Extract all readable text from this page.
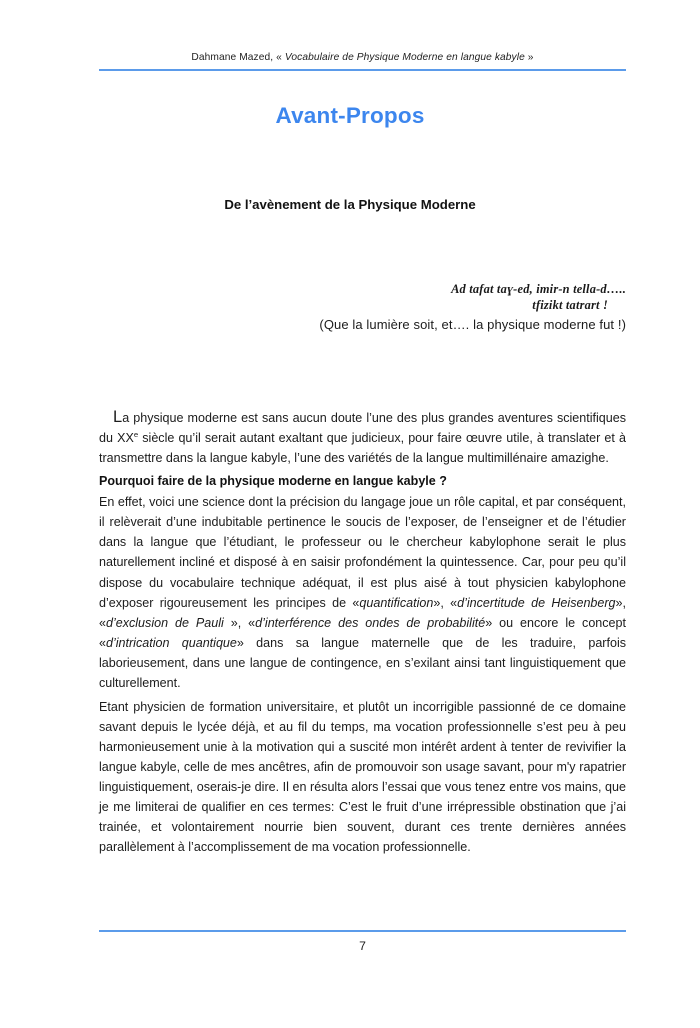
Dahmane Mazed, « Vocabulaire de Physique Moderne en langue kabyle »
Avant-Propos
De l’avènement de la Physique Moderne
Ad tafat taɣ-ed, imir-n tella-d…..
tfizikt tatrart !
(Que la lumière soit, et…. la physique moderne fut !)

La physique moderne est sans aucun doute l’une des plus grandes aventures scientifiques du XXe siècle qu’il serait autant exaltant que judicieux, pour faire œuvre utile, à translater et à transmettre dans la langue kabyle, l’une des variétés de la langue multimillénaire amazighe.

Pourquoi faire de la physique moderne en langue kabyle ?

En effet, voici une science dont la précision du langage joue un rôle capital, et par conséquent, il relèverait d’une indubitable pertinence le soucis de l’exposer, de l’enseigner et de l’étudier dans la langue que l’étudiant, le professeur ou le chercheur kabylophone serait le plus naturellement incliné et disposé à en saisir profondément la quintessence. Car, pour peu qu’il dispose du vocabulaire technique adéquat, il est plus aisé à tout physicien kabylophone d’exposer rigoureusement les principes de «quantification», «d’incertitude de Heisenberg», «d’exclusion de Pauli », «d’interférence des ondes de probabilité» ou encore le concept «d’intrication quantique» dans sa langue maternelle que de les traduire, parfois laborieusement, dans une langue de contingence, en s’exilant ainsi tant linguistiquement que culturellement.

Etant physicien de formation universitaire, et plutôt un incorrigible passionné de ce domaine savant depuis le lycée déjà, et au fil du temps, ma vocation professionnelle s’est peu à peu harmonieusement unie à la motivation qui a suscité mon intérêt ardent à tenter de revivifier la langue kabyle, celle de mes ancêtres, afin de promouvoir son usage savant, pour m'y rapatrier linguistiquement, oserais-je dire. Il en résulta alors l’essai que vous tenez entre vos mains, que je me limiterai de qualifier en ces termes: C’est le fruit d’une irrépressible obstination que j’ai trainée, et volontairement nourrie bien souvent, durant ces trente dernières années parallèlement à l’accomplissement de ma vocation professionnelle.

7
